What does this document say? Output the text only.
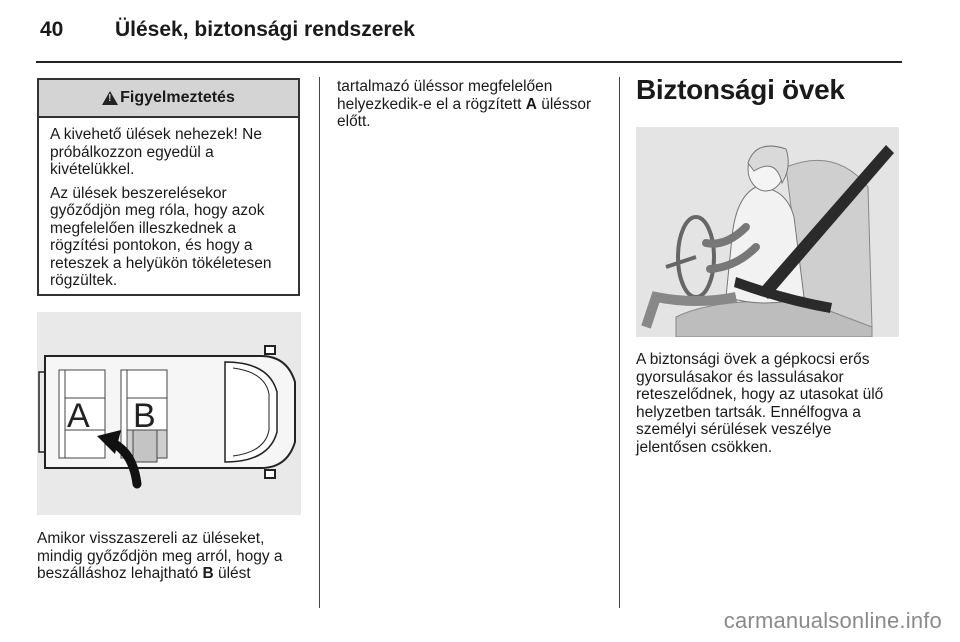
40	Ülések, biztonsági rendszerek
!
Figyelmeztetés

A kivehető ülések nehezek! Ne próbálkozzon egyedül a kivételükkel.

Az ülések beszerelésekor győződjön meg róla, hogy azok megfelelően illeszkednek a rögzítési pontokon, és hogy a reteszek a helyükön tökéletesen rögzültek.

A B

Amikor visszaszereli az üléseket, mindig győződjön meg arról, hogy a beszálláshoz lehajtható B ülést

tartalmazó üléssor megfelelően helyezkedik-e el a rögzített A üléssor előtt.

Biztonsági övek

A biztonsági övek a gépkocsi erős gyorsulásakor és lassulásakor reteszelődnek, hogy az utasokat ülő helyzetben tartsák. Ennélfogva a személyi sérülések veszélye jelentősen csökken.

carmanualsonline.info
